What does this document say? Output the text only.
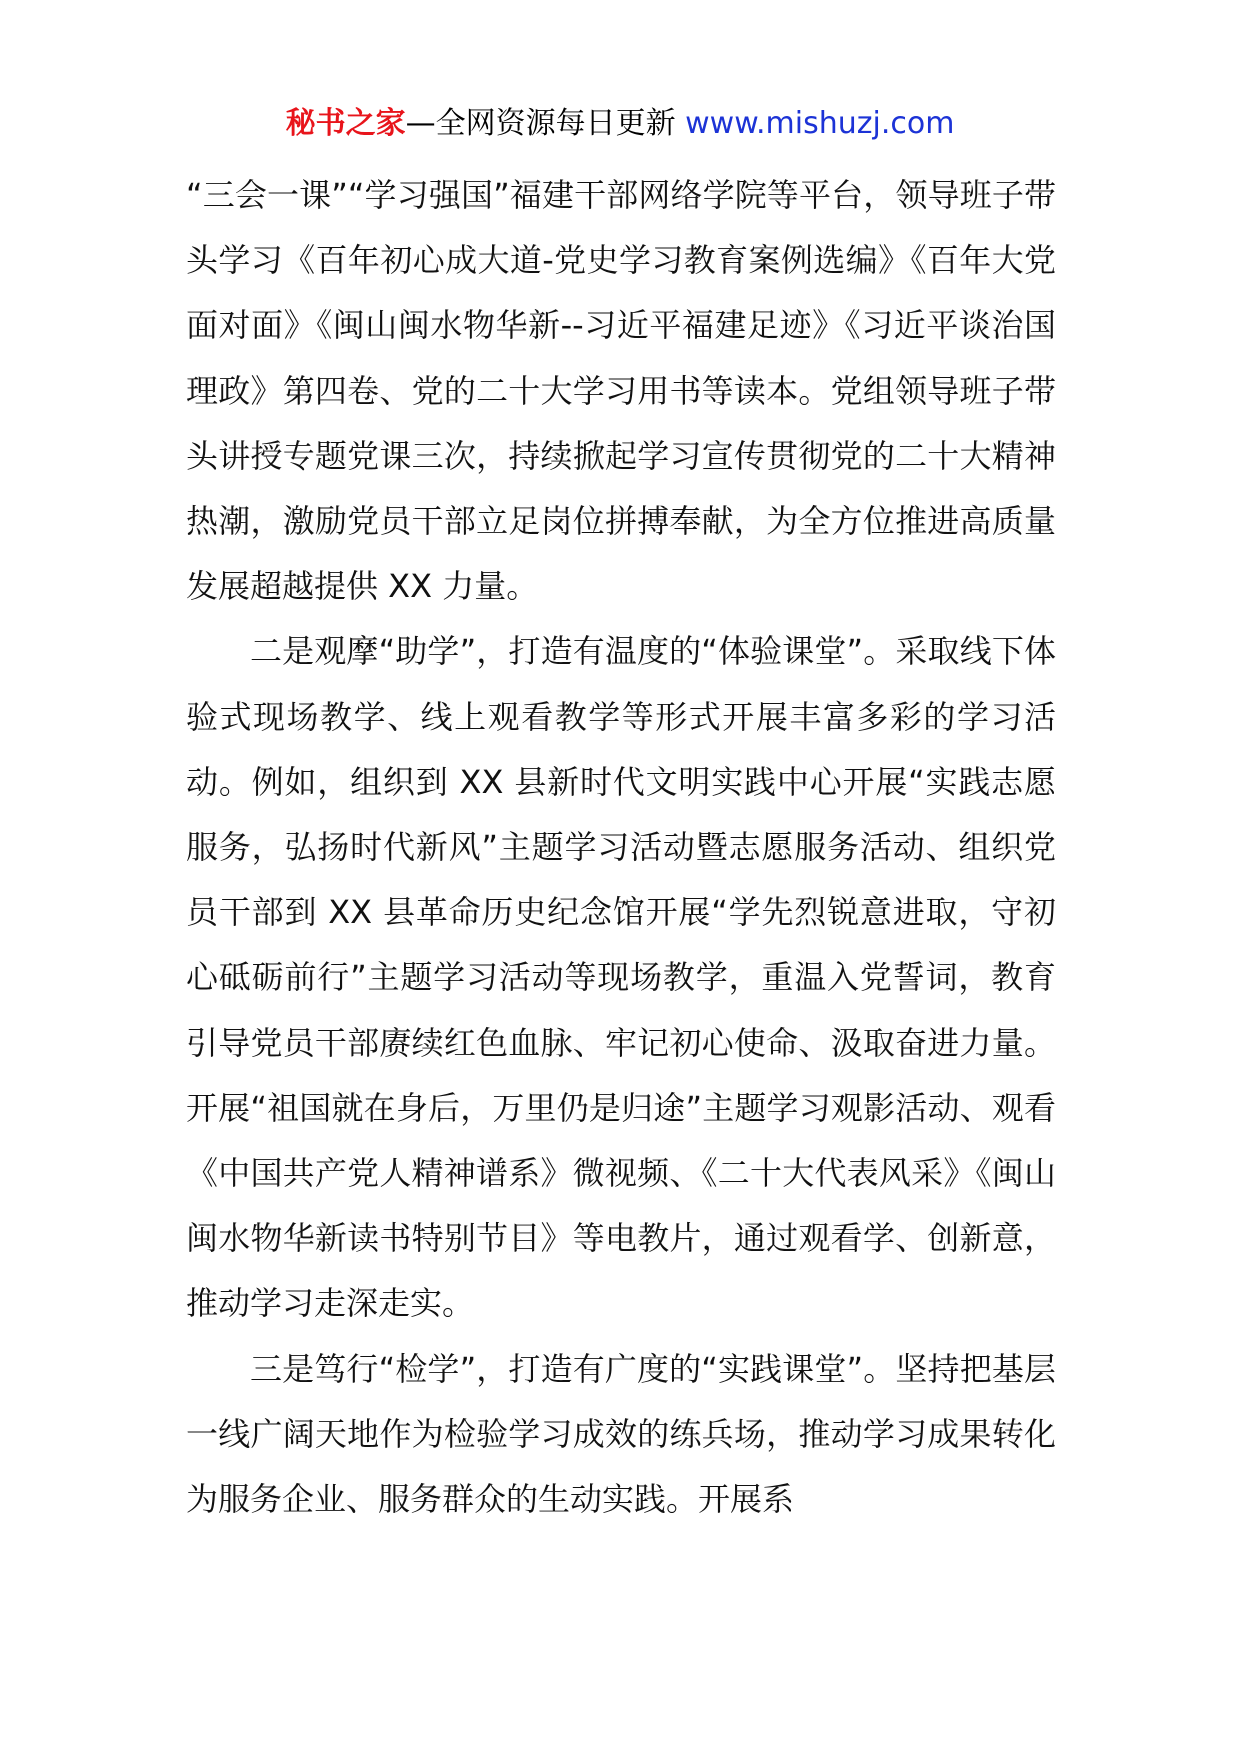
秘书之家—全网资源每日更新 www.mishuzj.com

“三会一课”“学习强国”福建干部网络学院等平台，领导班子带头学习《百年初心成大道-党史学习教育案例选编》《百年大党面对面》《闽山闽水物华新--习近平福建足迹》《习近平谈治国理政》第四卷、党的二十大学习用书等读本。党组领导班子带头讲授专题党课三次，持续掀起学习宣传贯彻党的二十大精神热潮，激励党员干部立足岗位拼搏奉献，为全方位推进高质量发展超越提供 XX 力量。

二是观摩“助学”，打造有温度的“体验课堂”。采取线下体验式现场教学、线上观看教学等形式开展丰富多彩的学习活动。例如，组织到 XX 县新时代文明实践中心开展“实践志愿服务，弘扬时代新风”主题学习活动暨志愿服务活动、组织党员干部到 XX 县革命历史纪念馆开展“学先烈锐意进取，守初心砥砺前行”主题学习活动等现场教学，重温入党誓词，教育引导党员干部赓续红色血脉、牢记初心使命、汲取奋进力量。开展“祖国就在身后，万里仍是归途”主题学习观影活动、观看《中国共产党人精神谱系》微视频、《二十大代表风采》《闽山闽水物华新读书特别节目》等电教片，通过观看学、创新意，推动学习走深走实。

三是笃行“检学”，打造有广度的“实践课堂”。坚持把基层一线广阔天地作为检验学习成效的练兵场，推动学习成果转化为服务企业、服务群众的生动实践。开展系
